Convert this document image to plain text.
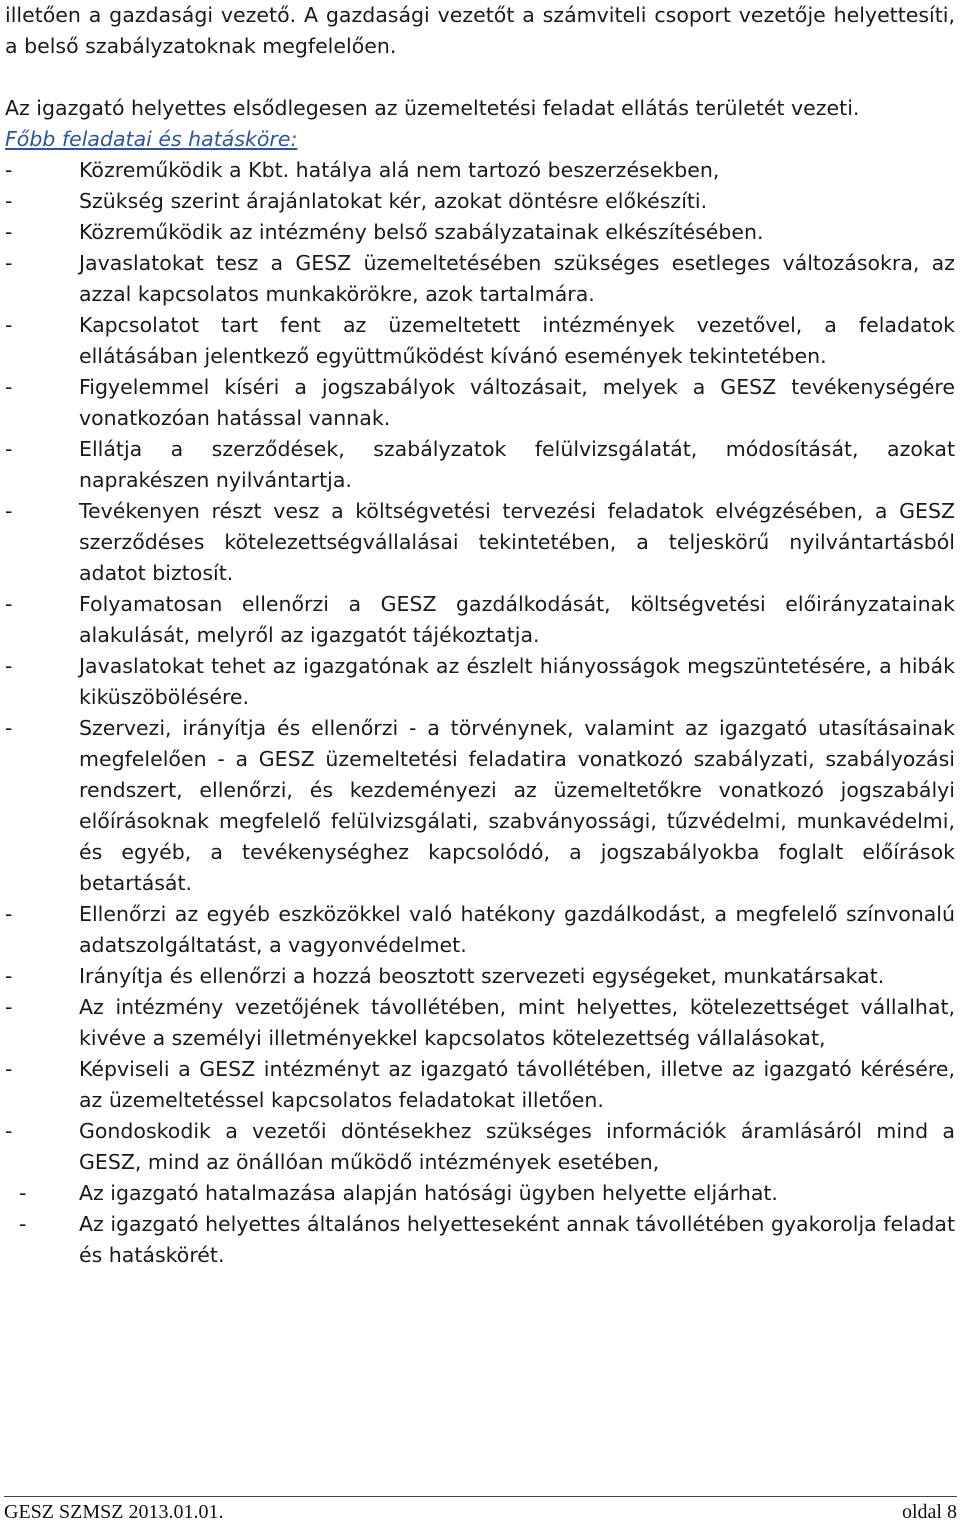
illetően a gazdasági vezető. A gazdasági vezetőt a számviteli csoport vezetője helyettesíti, a belső szabályzatoknak megfelelően.

Az igazgató helyettes elsődlegesen az üzemeltetési feladat ellátás területét vezeti.

Főbb feladatai és hatásköre:

-	Közreműködik a Kbt. hatálya alá nem tartozó beszerzésekben,
-	Szükség szerint árajánlatokat kér, azokat döntésre előkészíti.
-	Közreműködik az intézmény belső szabályzatainak elkészítésében.
-	Javaslatokat tesz a GESZ üzemeltetésében szükséges esetleges változásokra, az azzal kapcsolatos munkakörökre, azok tartalmára.
-	Kapcsolatot tart fent az üzemeltetett intézmények vezetővel, a feladatok ellátásában jelentkező együttműködést kívánó események tekintetében.
-	Figyelemmel kíséri a jogszabályok változásait, melyek a GESZ tevékenységére vonatkozóan hatással vannak.
-	Ellátja a szerződések, szabályzatok felülvizsgálatát, módosítását, azokat naprakészen nyilvántartja.
-	Tevékenyen részt vesz a költségvetési tervezési feladatok elvégzésében, a GESZ szerződéses kötelezettségvállalásai tekintetében, a teljeskörű nyilvántartásból adatot biztosít.
-	Folyamatosan ellenőrzi a GESZ gazdálkodását, költségvetési előirányzatainak alakulását, melyről az igazgatót tájékoztatja.
-	Javaslatokat tehet az igazgatónak az észlelt hiányosságok megszüntetésére, a hibák kiküszöbölésére.
-	Szervezi, irányítja és ellenőrzi - a törvénynek, valamint az igazgató utasításainak megfelelően - a GESZ üzemeltetési feladatira vonatkozó szabályzati, szabályozási rendszert, ellenőrzi, és kezdeményezi az üzemeltetőkre vonatkozó jogszabályi előírásoknak megfelelő felülvizsgálati, szabványossági, tűzvédelmi, munkavédelmi, és egyéb, a tevékenységhez kapcsolódó, a jogszabályokba foglalt előírások betartását.
-	Ellenőrzi az egyéb eszközökkel való hatékony gazdálkodást, a megfelelő színvonalú adatszolgáltatást, a vagyonvédelmet.
-	Irányítja és ellenőrzi a hozzá beosztott szervezeti egységeket, munkatársakat.
-	Az intézmény vezetőjének távollétében, mint helyettes, kötelezettséget vállalhat, kivéve a személyi illetményekkel kapcsolatos kötelezettség vállalásokat,
-	Képviseli a GESZ intézményt az igazgató távollétében, illetve az igazgató kérésére, az üzemeltetéssel kapcsolatos feladatokat illetően.
-	Gondoskodik a vezetői döntésekhez szükséges információk áramlásáról mind a GESZ, mind az önállóan működő intézmények esetében,
-	Az igazgató hatalmazása alapján hatósági ügyben helyette eljárhat.
-	Az igazgató helyettes általános helyetteseként annak távollétében gyakorolja feladat és hatáskörét.
GESZ SZMSZ 2013.01.01.	oldal 8
